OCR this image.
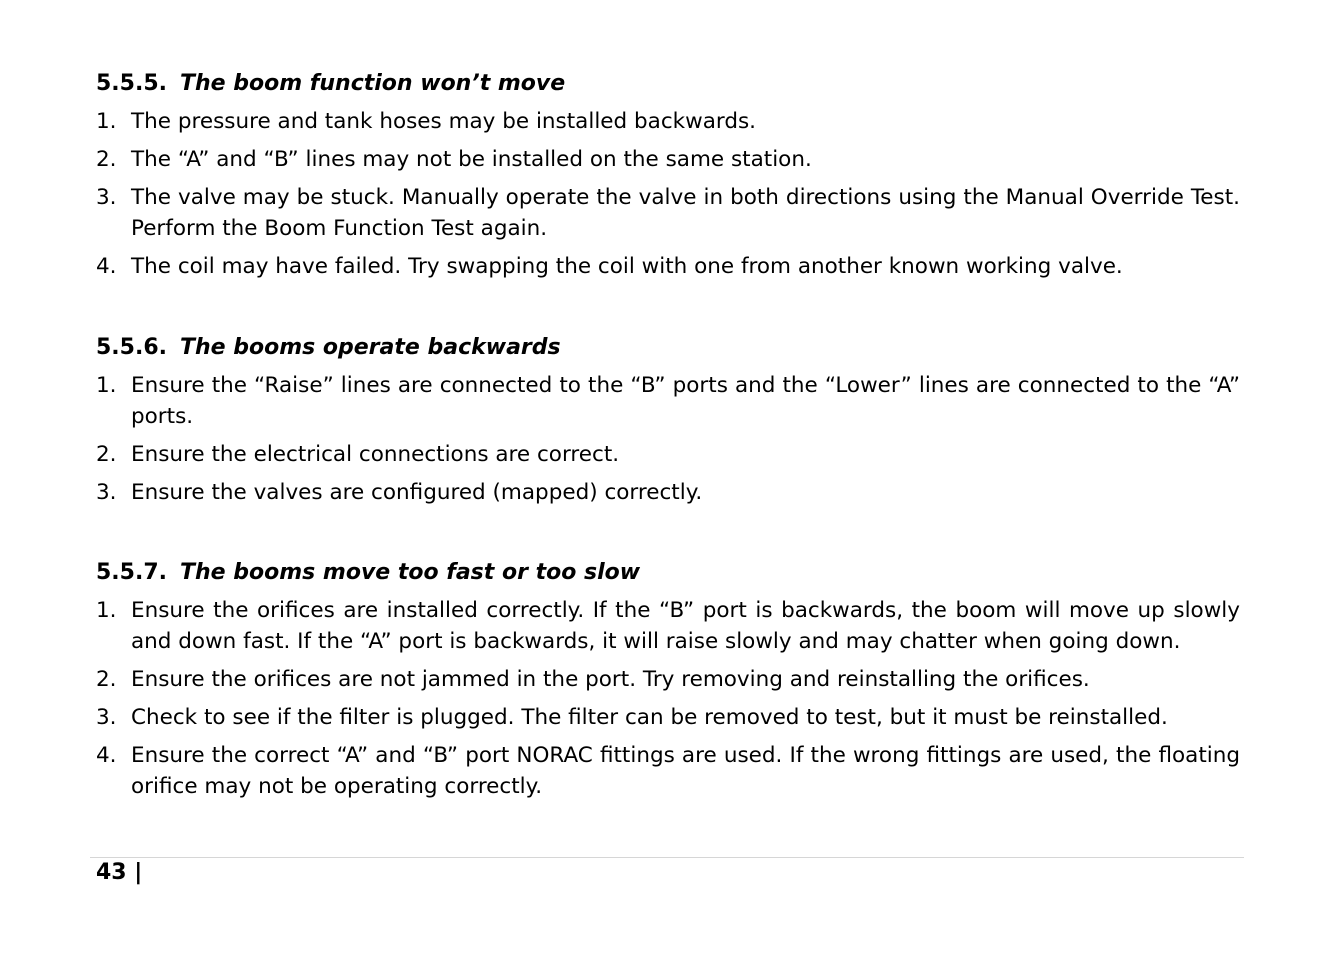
5.5.5. The boom function won’t move
1. The pressure and tank hoses may be installed backwards.
2. The “A” and “B” lines may not be installed on the same station.
3. The valve may be stuck. Manually operate the valve in both directions using the Manual Override Test. Perform the Boom Function Test again.
4. The coil may have failed. Try swapping the coil with one from another known working valve.
5.5.6. The booms operate backwards
1. Ensure the “Raise” lines are connected to the “B” ports and the “Lower” lines are connected to the “A” ports.
2. Ensure the electrical connections are correct.
3. Ensure the valves are configured (mapped) correctly.
5.5.7. The booms move too fast or too slow
1. Ensure the orifices are installed correctly. If the “B” port is backwards, the boom will move up slowly and down fast. If the “A” port is backwards, it will raise slowly and may chatter when going down.
2. Ensure the orifices are not jammed in the port. Try removing and reinstalling the orifices.
3. Check to see if the filter is plugged. The filter can be removed to test, but it must be reinstalled.
4. Ensure the correct “A” and “B” port NORAC fittings are used. If the wrong fittings are used, the floating orifice may not be operating correctly.
43 |
